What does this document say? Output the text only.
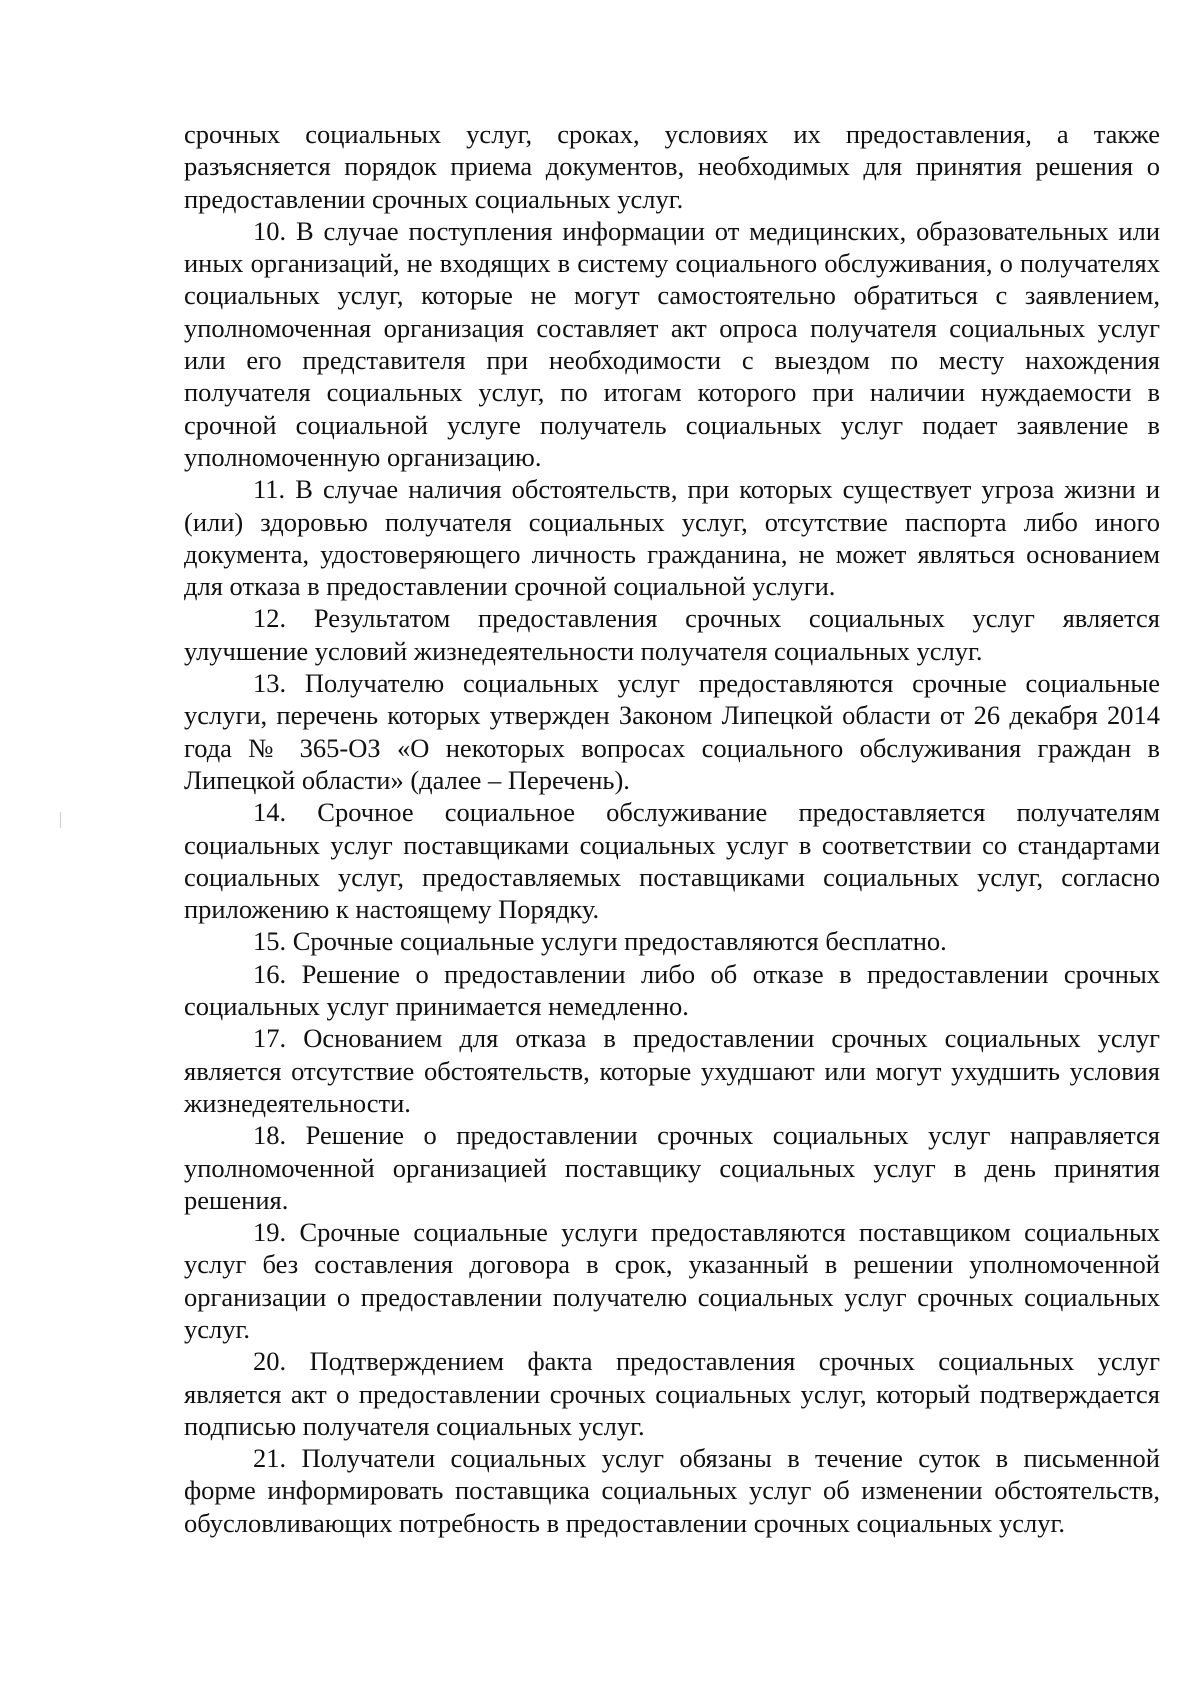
срочных социальных услуг, сроках, условиях их предоставления, а также разъясняется порядок приема документов, необходимых для принятия решения о предоставлении срочных социальных услуг.

10. В случае поступления информации от медицинских, образовательных или иных организаций, не входящих в систему социального обслуживания, о получателях социальных услуг, которые не могут самостоятельно обратиться с заявлением, уполномоченная организация составляет акт опроса получателя социальных услуг или его представителя при необходимости с выездом по месту нахождения получателя социальных услуг, по итогам которого при наличии нуждаемости в срочной социальной услуге получатель социальных услуг подает заявление в уполномоченную организацию.

11. В случае наличия обстоятельств, при которых существует угроза жизни и (или) здоровью получателя социальных услуг, отсутствие паспорта либо иного документа, удостоверяющего личность гражданина, не может являться основанием для отказа в предоставлении срочной социальной услуги.

12. Результатом предоставления срочных социальных услуг является улучшение условий жизнедеятельности получателя социальных услуг.

13. Получателю социальных услуг предоставляются срочные социальные услуги, перечень которых утвержден Законом Липецкой области от 26 декабря 2014 года № 365-ОЗ «О некоторых вопросах социального обслуживания граждан в Липецкой области» (далее – Перечень).

14. Срочное социальное обслуживание предоставляется получателям социальных услуг поставщиками социальных услуг в соответствии со стандартами социальных услуг, предоставляемых поставщиками социальных услуг, согласно приложению к настоящему Порядку.

15. Срочные социальные услуги предоставляются бесплатно.

16. Решение о предоставлении либо об отказе в предоставлении срочных социальных услуг принимается немедленно.

17. Основанием для отказа в предоставлении срочных социальных услуг является отсутствие обстоятельств, которые ухудшают или могут ухудшить условия жизнедеятельности.

18. Решение о предоставлении срочных социальных услуг направляется уполномоченной организацией поставщику социальных услуг в день принятия решения.

19. Срочные социальные услуги предоставляются поставщиком социальных услуг без составления договора в срок, указанный в решении уполномоченной организации о предоставлении получателю социальных услуг срочных социальных услуг.

20. Подтверждением факта предоставления срочных социальных услуг является акт о предоставлении срочных социальных услуг, который подтверждается подписью получателя социальных услуг.

21. Получатели социальных услуг обязаны в течение суток в письменной форме информировать поставщика социальных услуг об изменении обстоятельств, обусловливающих потребность в предоставлении срочных социальных услуг.
